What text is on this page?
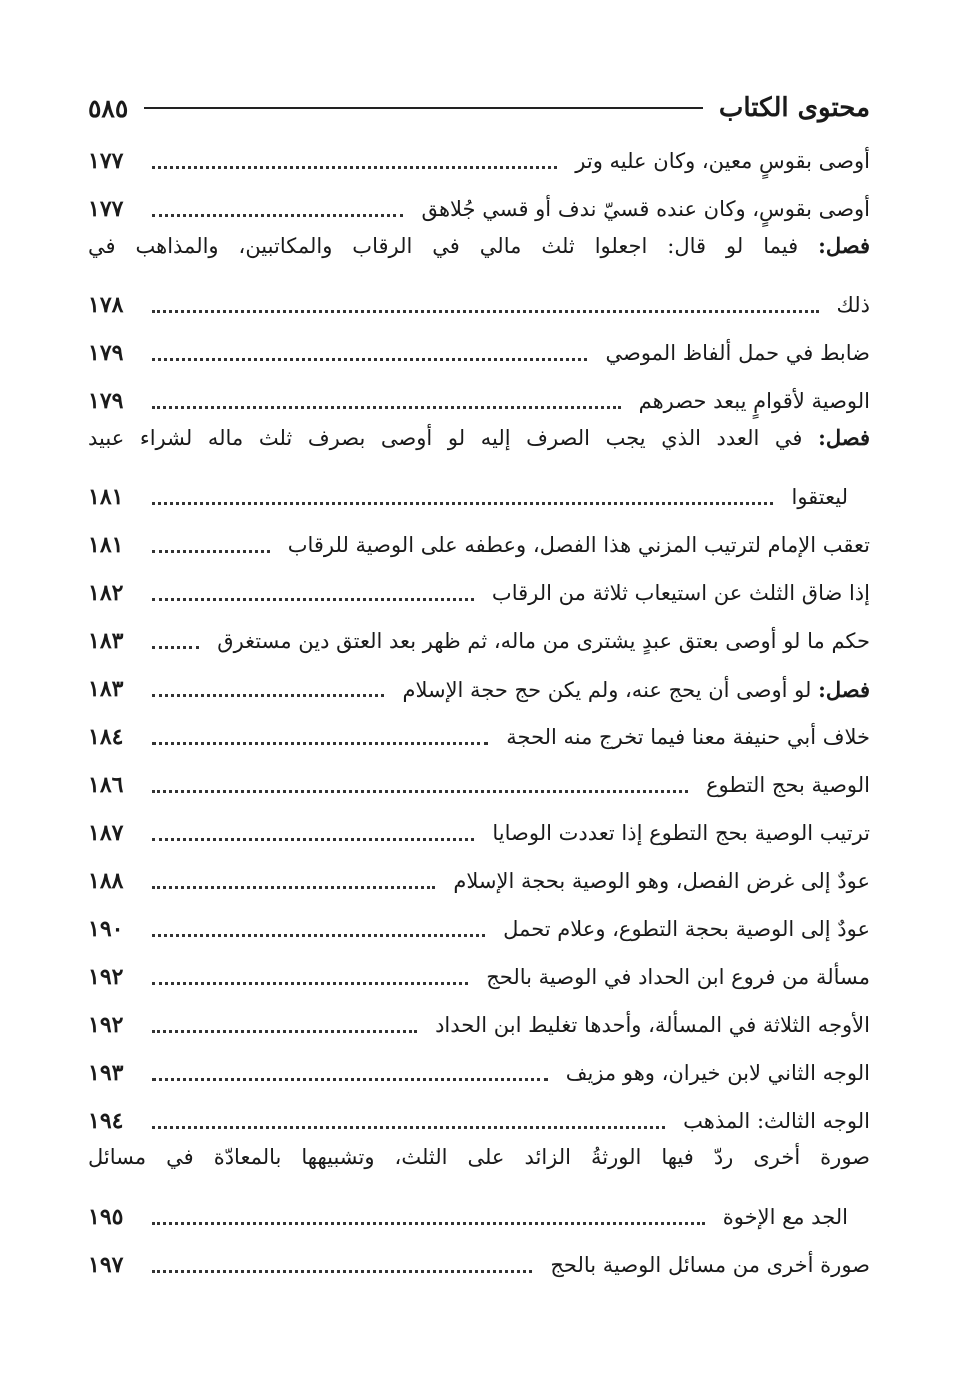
محتوى الكتاب
٥٨٥
أوصى بقوسٍ معين، وكان عليه وتر
١٧٧
أوصى بقوسٍ، وكان عنده قسيّ ندف أو قسي جُلاهق
١٧٧
فصل: فيما لو قال: اجعلوا ثلث مالي في الرقاب والمكاتبين، والمذاهب في
ذلك
١٧٨
ضابط في حمل ألفاظ الموصي
١٧٩
الوصية لأقوامٍ يبعد حصرهم
١٧٩
فصل: في العدد الذي يجب الصرف إليه لو أوصى بصرف ثلث ماله لشراء عبيد
ليعتقوا
١٨١
تعقب الإمام لترتيب المزني هذا الفصل، وعطفه على الوصية للرقاب
١٨١
إذا ضاق الثلث عن استيعاب ثلاثة من الرقاب
١٨٢
حكم ما لو أوصى بعتق عبدٍ يشترى من ماله، ثم ظهر بعد العتق دين مستغرق
١٨٣
فصل: لو أوصى أن يحج عنه، ولم يكن حج حجة الإسلام
١٨٣
خلاف أبي حنيفة معنا فيما تخرج منه الحجة
١٨٤
الوصية بحج التطوع
١٨٦
ترتيب الوصية بحج التطوع إذا تعددت الوصايا
١٨٧
عودٌ إلى غرض الفصل، وهو الوصية بحجة الإسلام
١٨٨
عودٌ إلى الوصية بحجة التطوع، وعلام تحمل
١٩٠
مسألة من فروع ابن الحداد في الوصية بالحج
١٩٢
الأوجه الثلاثة في المسألة، وأحدها تغليط ابن الحداد
١٩٢
الوجه الثاني لابن خيران، وهو مزيف
١٩٣
الوجه الثالث: المذهب
١٩٤
صورة أخرى ردّ فيها الورثةُ الزائد على الثلث، وتشبيهها بالمعادّة في مسائل
الجد مع الإخوة
١٩٥
صورة أخرى من مسائل الوصية بالحج
١٩٧
